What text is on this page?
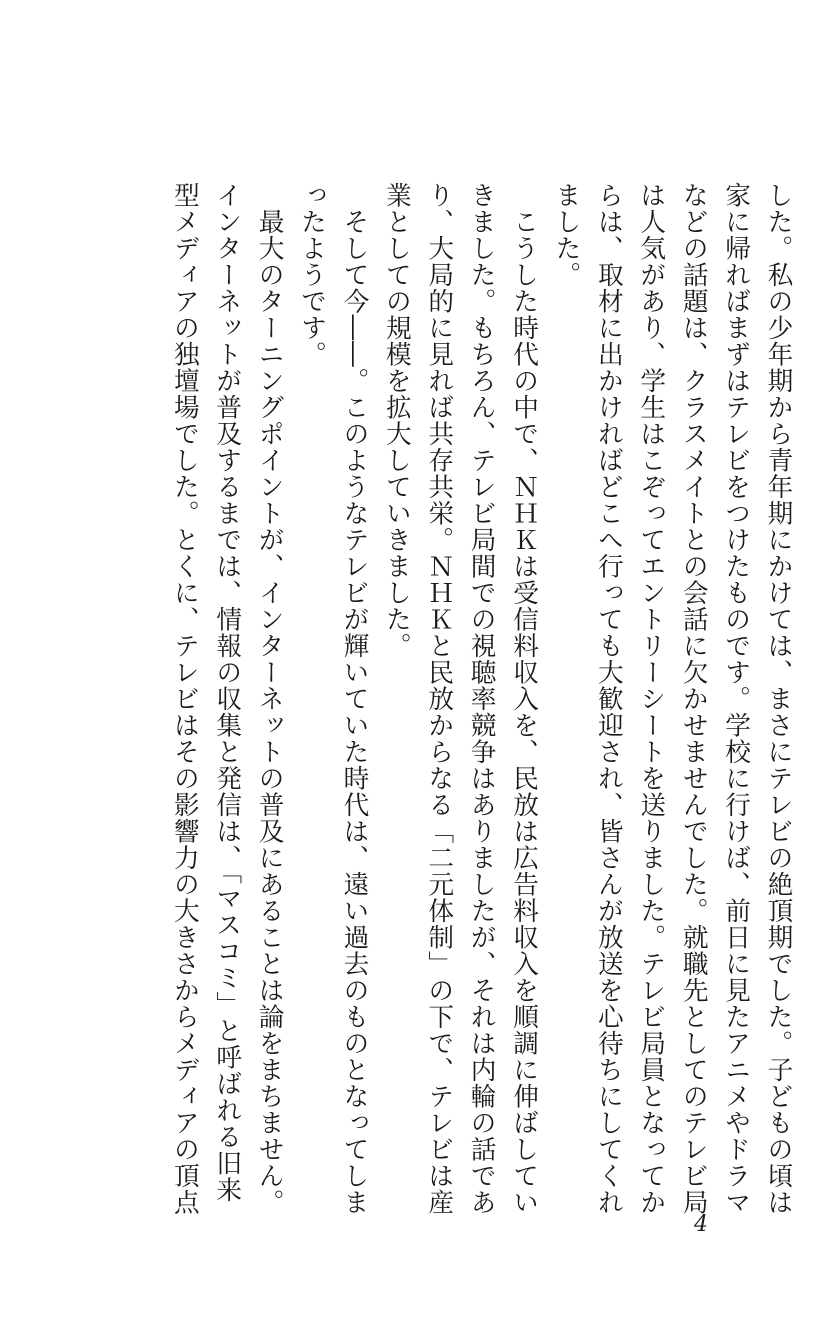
した。私の少年期から青年期にかけては、まさにテレビの絶頂期でした。子どもの頃は
家に帰ればまずはテレビをつけたものです。学校に行けば、前日に見たアニメやドラマ
などの話題は、クラスメイトとの会話に欠かせませんでした。就職先としてのテレビ局
は人気があり、学生はこぞってエントリーシートを送りました。テレビ局員となってか
らは、取材に出かければどこへ行っても大歓迎され、皆さんが放送を心待ちにしてくれ
ました。
　こうした時代の中で、ＮＨＫは受信料収入を、民放は広告料収入を順調に伸ばしてい
きました。もちろん、テレビ局間での視聴率競争はありましたが、それは内輪の話であ
り、大局的に見れば共存共栄。ＮＨＫと民放からなる「二元体制」の下で、テレビは産
業としての規模を拡大していきました。
　そして今――。このようなテレビが輝いていた時代は、遠い過去のものとなってしま
ったようです。
　最大のターニングポイントが、インターネットの普及にあることは論をまちません。
インターネットが普及するまでは、情報の収集と発信は、「マスコミ」と呼ばれる旧来
型メディアの独壇場でした。とくに、テレビはその影響力の大きさからメディアの頂点
4
